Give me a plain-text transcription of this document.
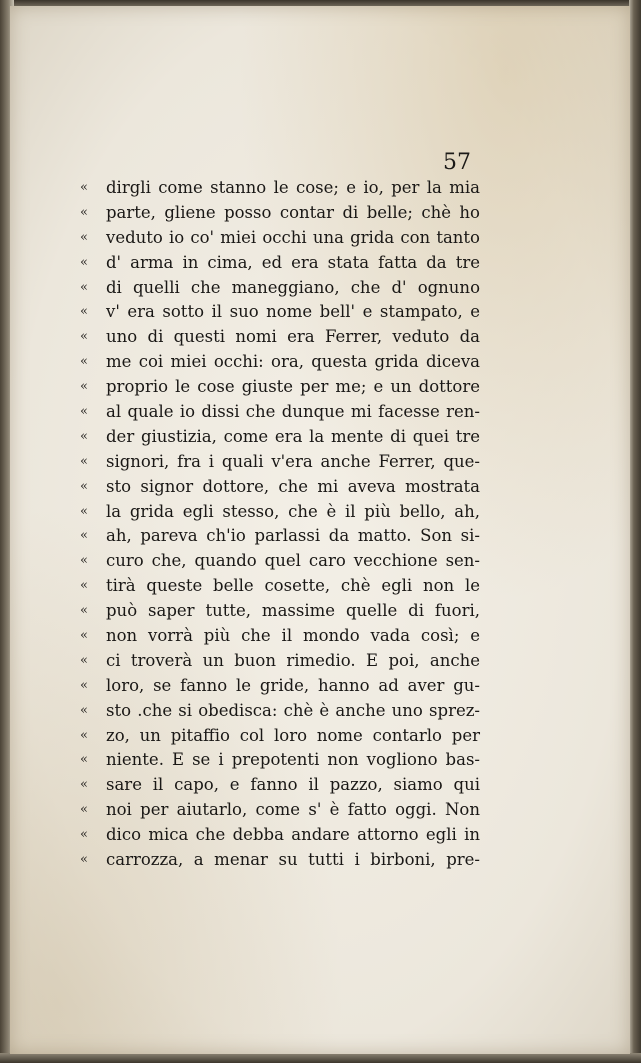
57
«	dirgli come stanno le cose; e io, per la mia
«	parte, gliene posso contar di belle; chè ho
«	veduto io co' miei occhi una grida con tanto
«	d' arma in cima, ed era stata fatta da tre
«	di quelli che maneggiano, che d' ognuno
«	v' era sotto il suo nome bell' e stampato, e
«	uno di questi nomi era Ferrer, veduto da
«	me coi miei occhi: ora, questa grida diceva
«	proprio le cose giuste per me; e un dottore
«	al quale io dissi che dunque mi facesse ren-
«	der giustizia, come era la mente di quei tre
«	signori, fra i quali v'era anche Ferrer, que-
«	sto signor dottore, che mi aveva mostrata
«	la grida egli stesso, che è il più bello, ah,
«	ah, pareva ch'io parlassi da matto. Son si-
«	curo che, quando quel caro vecchione sen-
«	tirà queste belle cosette, chè egli non le
«	può saper tutte, massime quelle di fuori,
«	non vorrà più che il mondo vada così; e
«	ci troverà un buon rimedio. E poi, anche
«	loro, se fanno le gride, hanno ad aver gu-
«	sto .che si obedisca: chè è anche uno sprez-
«	zo, un pitaffio col loro nome contarlo per
«	niente. E se i prepotenti non vogliono bas-
«	sare il capo, e fanno il pazzo, siamo qui
«	noi per aiutarlo, come s' è fatto oggi. Non
«	dico mica che debba andare attorno egli in
«	carrozza, a menar su tutti i birboni, pre-
